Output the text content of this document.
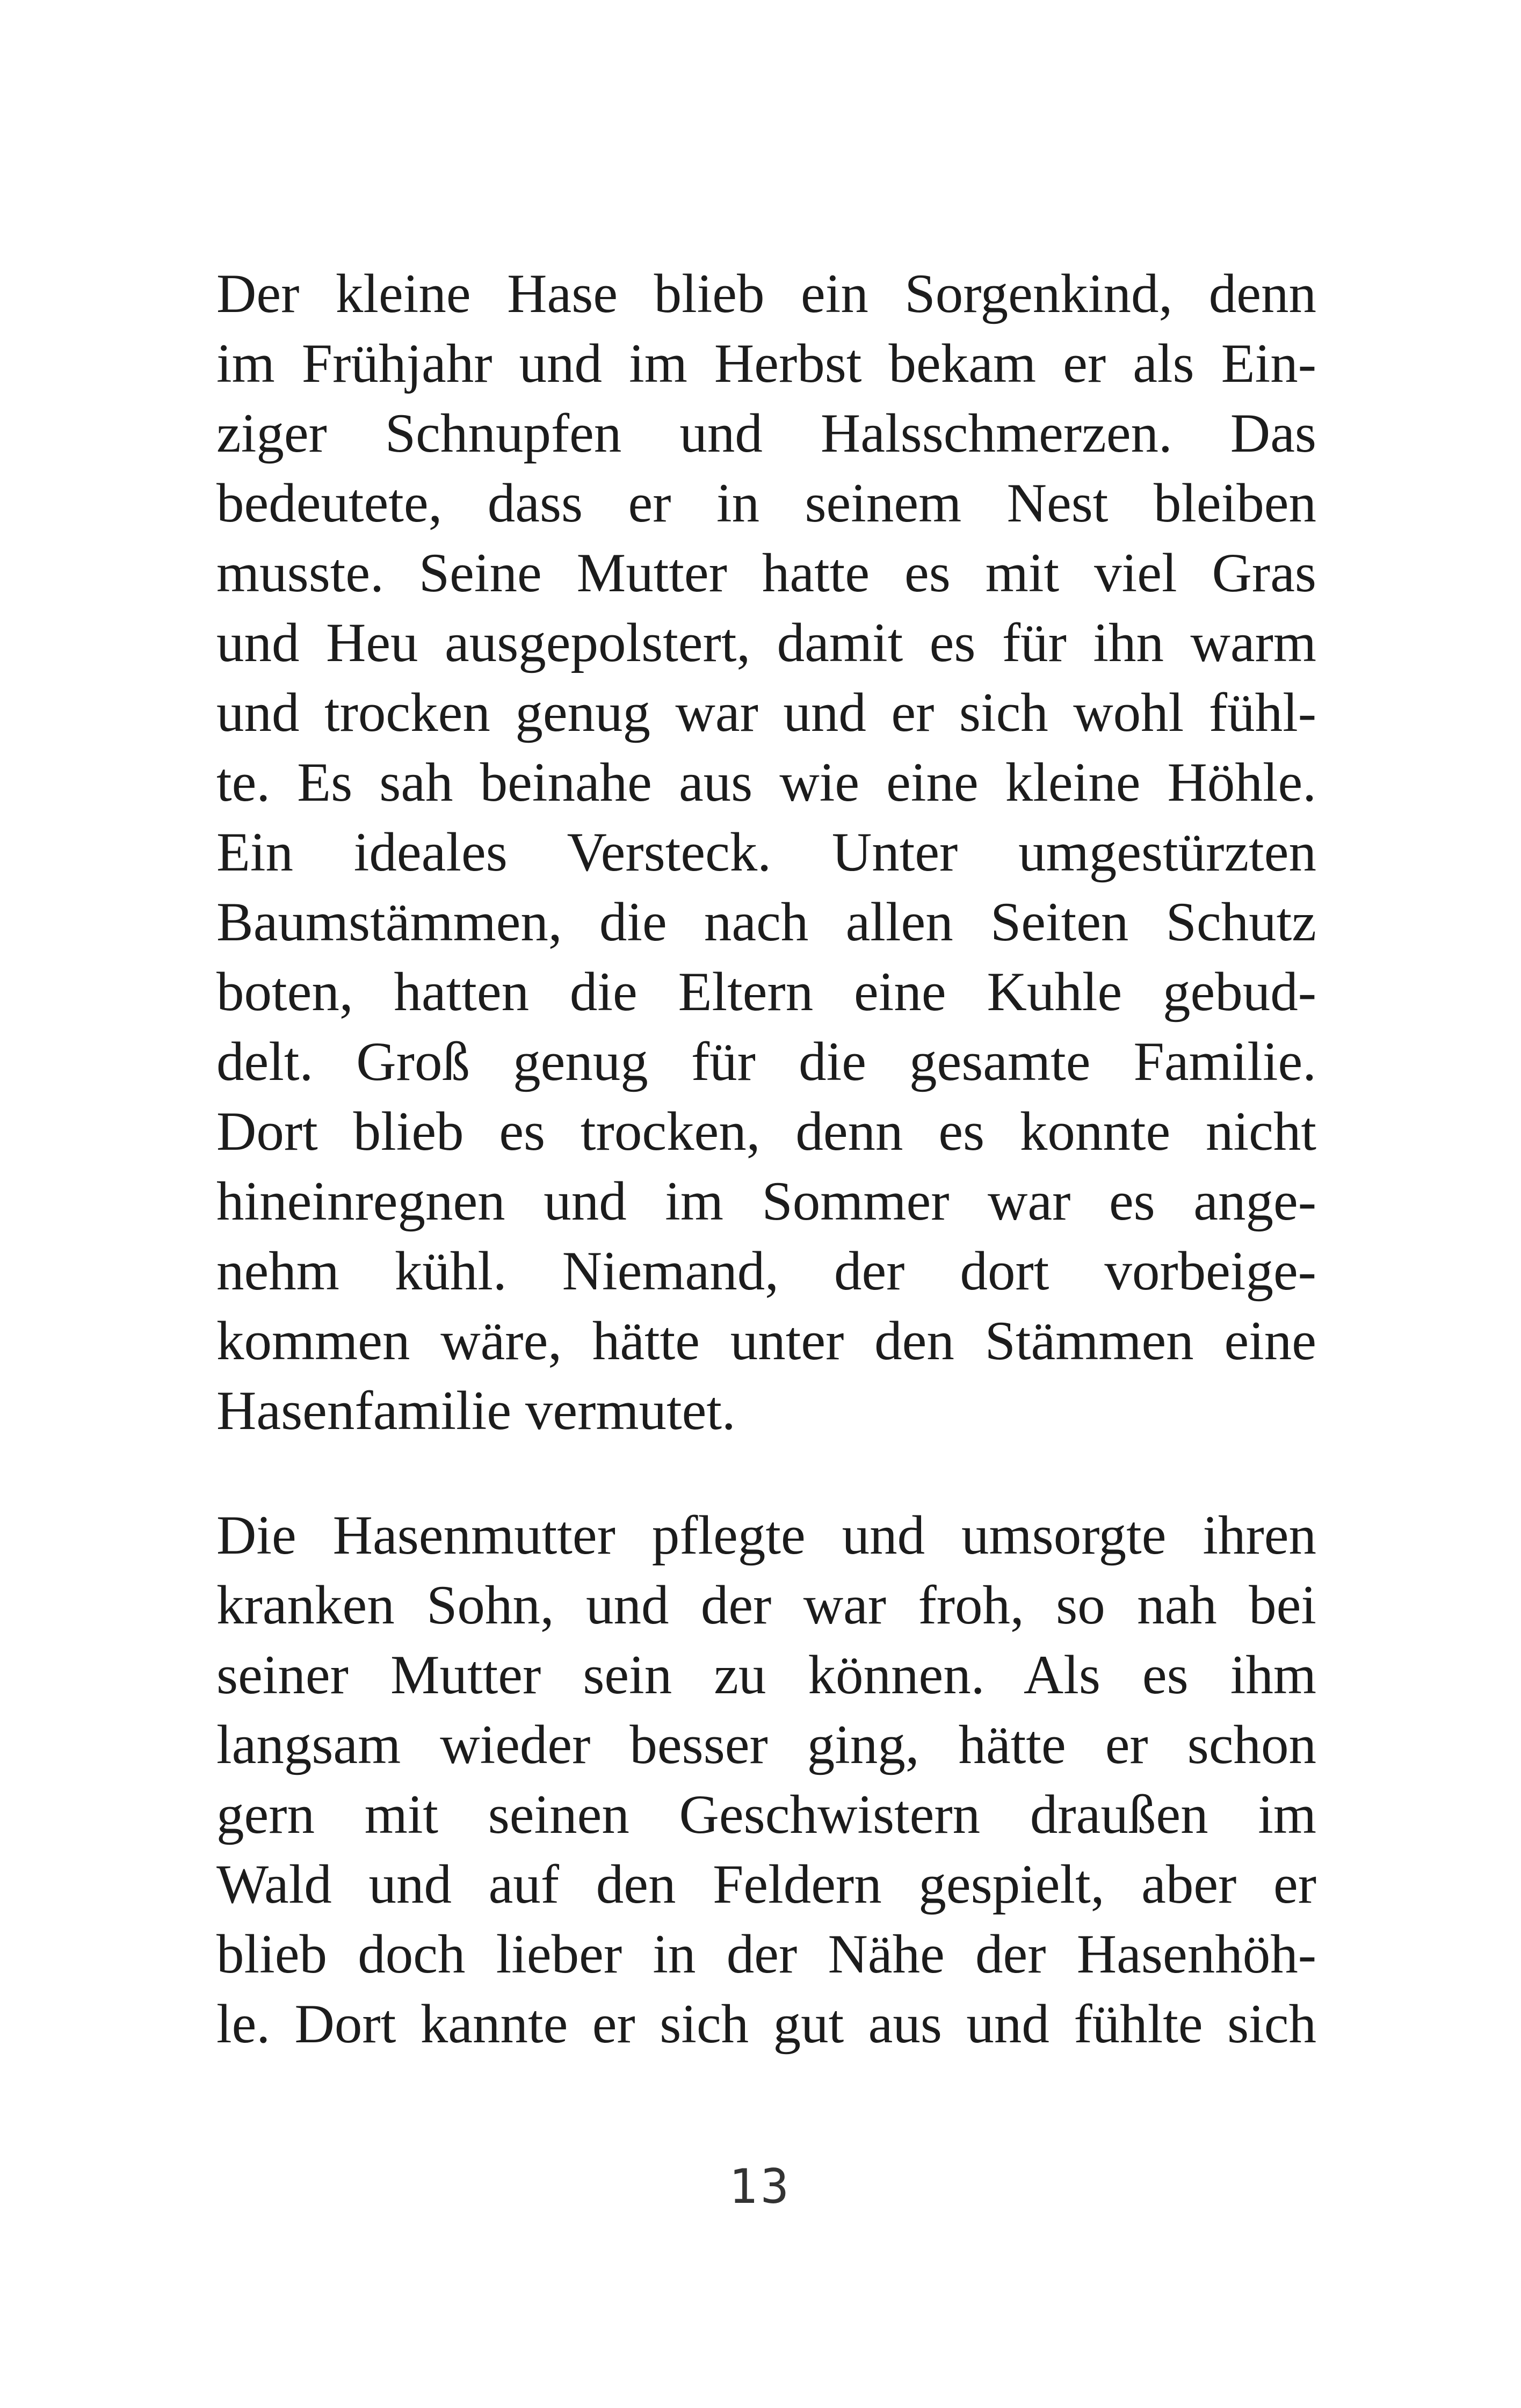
Der kleine Hase blieb ein Sorgenkind, denn
im Frühjahr und im Herbst bekam er als Ein-
ziger Schnupfen und Halsschmerzen. Das
bedeutete, dass er in seinem Nest bleiben
musste. Seine Mutter hatte es mit viel Gras
und Heu ausgepolstert, damit es für ihn warm
und trocken genug war und er sich wohl fühl-
te. Es sah beinahe aus wie eine kleine Höhle.
Ein ideales Versteck. Unter umgestürzten
Baumstämmen, die nach allen Seiten Schutz
boten, hatten die Eltern eine Kuhle gebud-
delt. Groß genug für die gesamte Familie.
Dort blieb es trocken, denn es konnte nicht
hineinregnen und im Sommer war es ange-
nehm kühl. Niemand, der dort vorbeige-
kommen wäre, hätte unter den Stämmen eine
Hasenfamilie vermutet.
Die Hasenmutter pflegte und umsorgte ihren
kranken Sohn, und der war froh, so nah bei
seiner Mutter sein zu können. Als es ihm
langsam wieder besser ging, hätte er schon
gern mit seinen Geschwistern draußen im
Wald und auf den Feldern gespielt, aber er
blieb doch lieber in der Nähe der Hasenhöh-
le. Dort kannte er sich gut aus und fühlte sich
13
